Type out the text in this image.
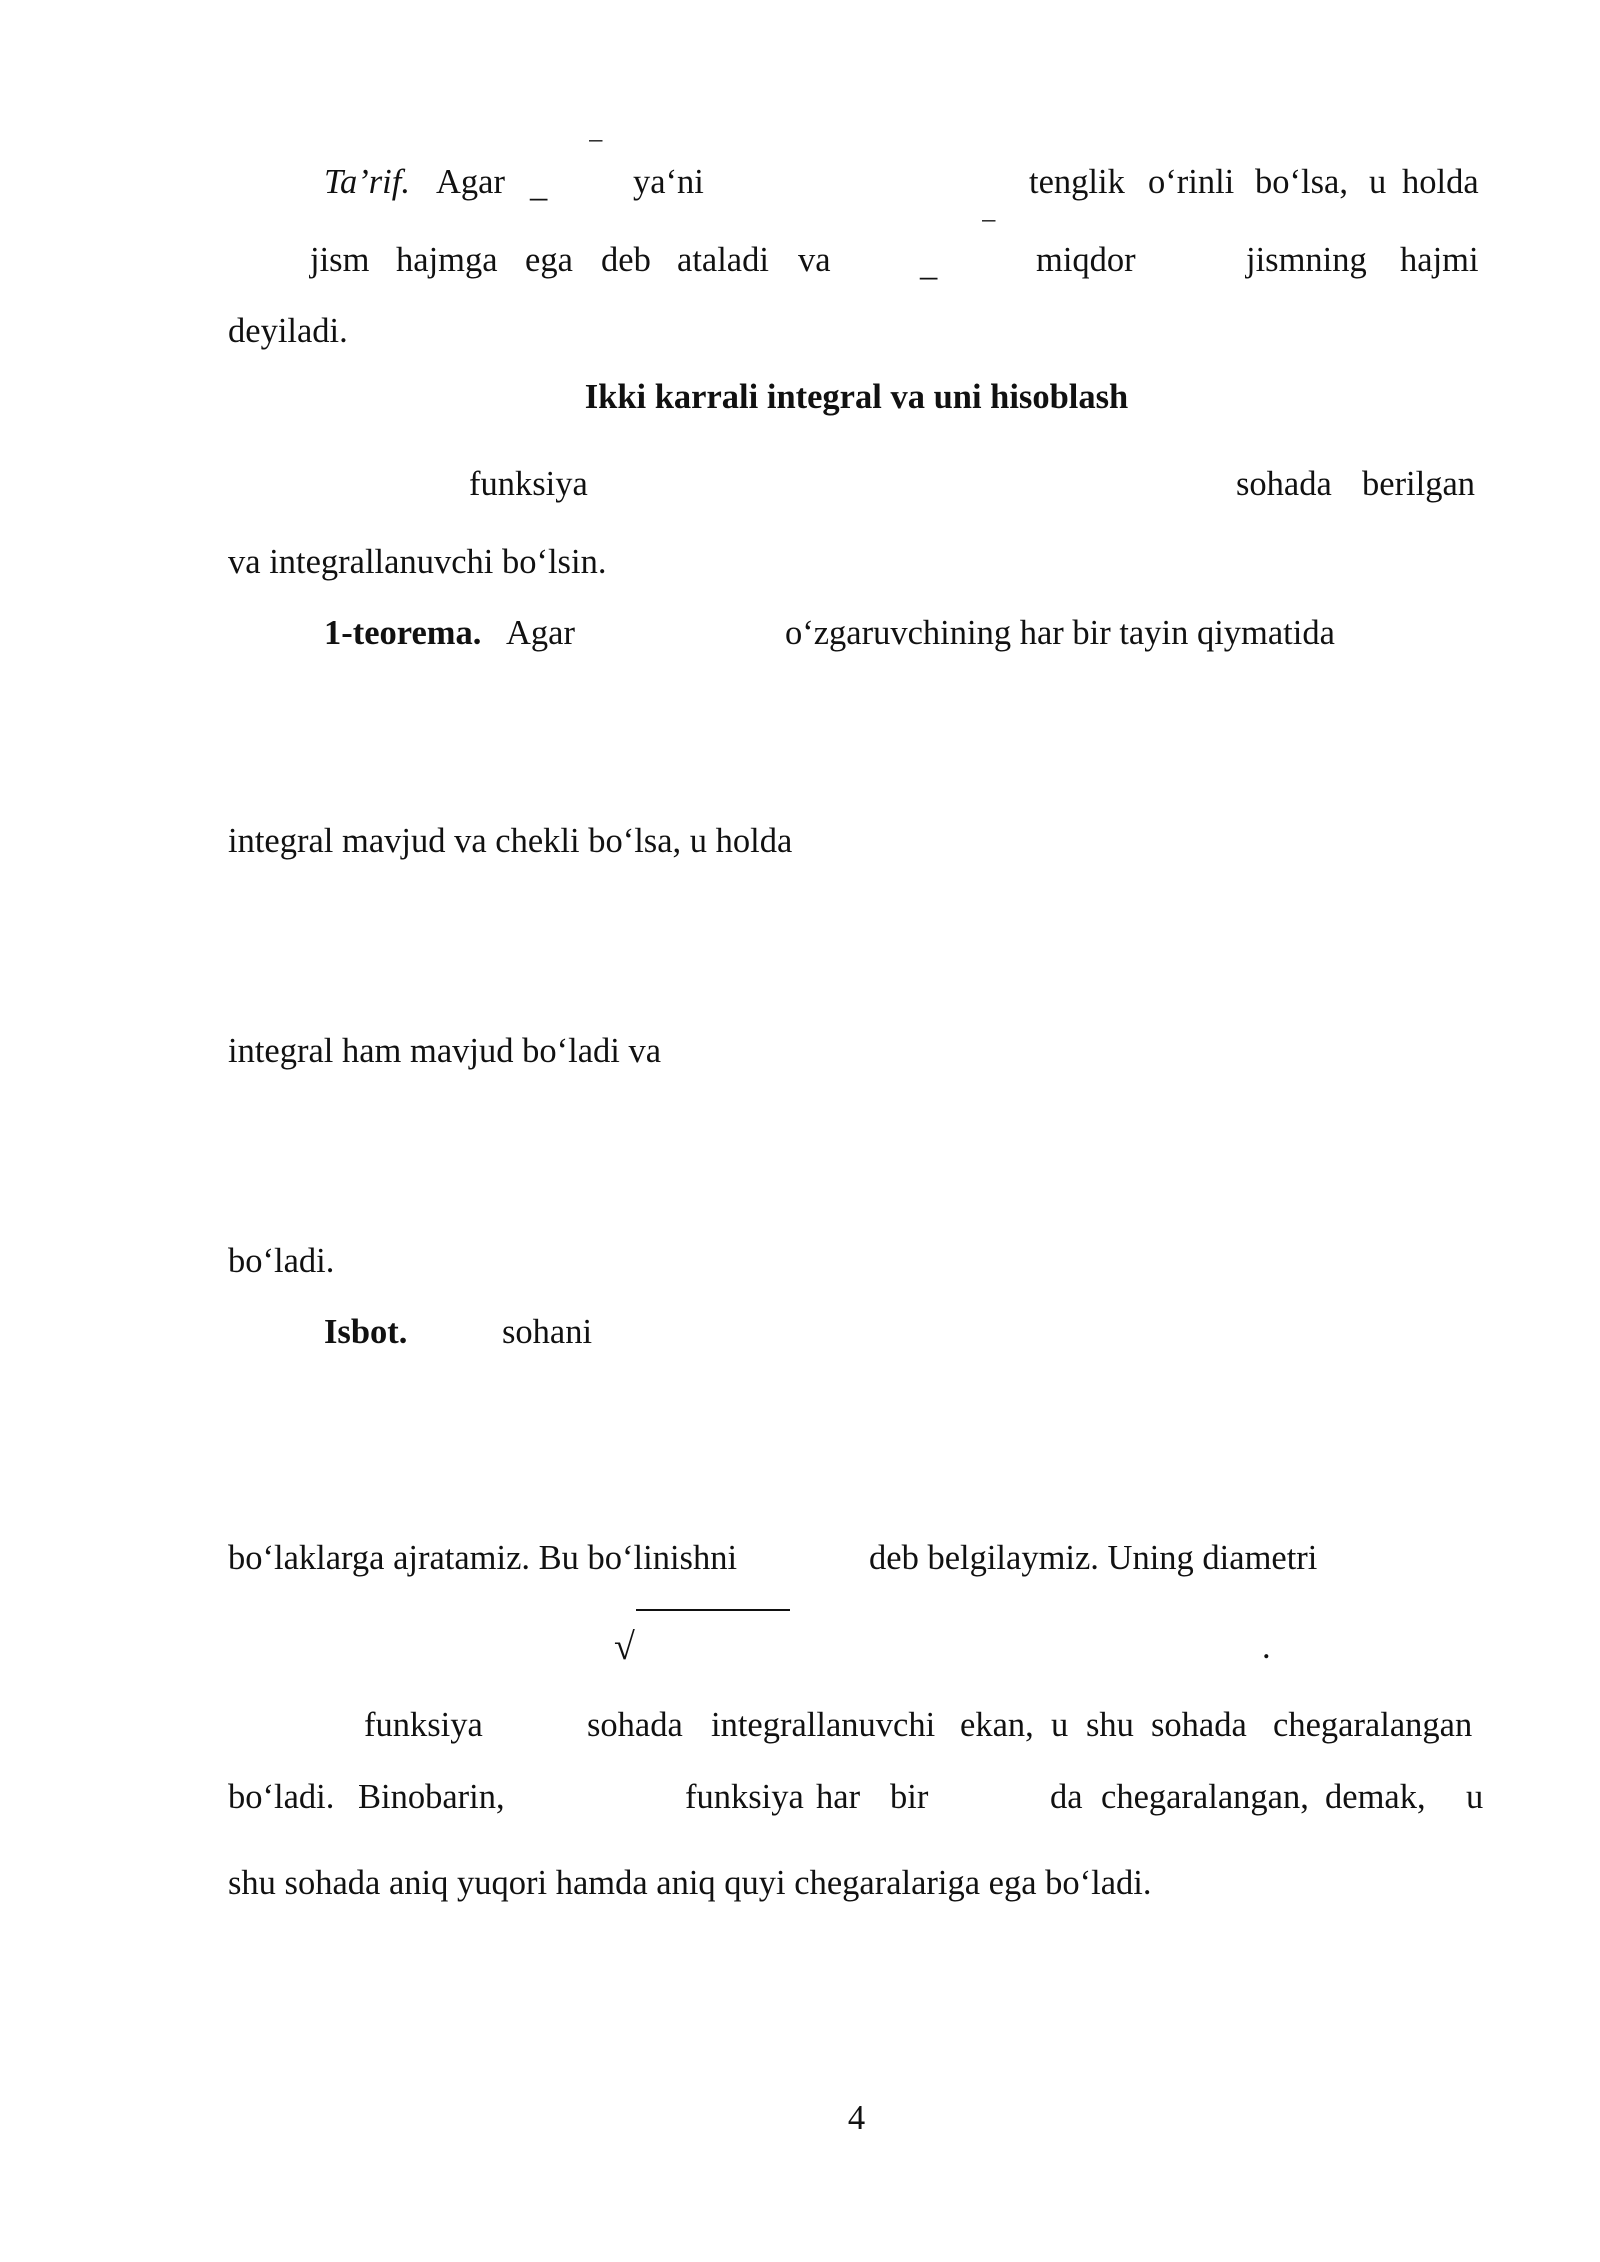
Ta’rif. Agar _
‾
ya‘ni	tenglik o‘rinli bo‘lsa, u holda
jism hajmga ega deb ataladi va	_
‾
miqdor	jismning hajmi
deyiladi.
Ikki karrali integral va uni hisoblash
funksiya	sohada berilgan
va integrallanuvchi bo‘lsin.
1-teorema. Agar	o‘zgaruvchining har bir tayin qiymatida
integral mavjud va chekli bo‘lsa, u holda
integral ham mavjud bo‘ladi va
bo‘ladi.
Isbot.	sohani
bo‘laklarga ajratamiz. Bu bo‘linishni	deb belgilaymiz. Uning diametri
√	.
funksiya	sohada integrallanuvchi ekan, u shu sohada chegaralangan
bo‘ladi. Binobarin,	funksiya har bir	da chegaralangan, demak, u
shu sohada aniq yuqori hamda aniq quyi chegaralariga ega bo‘ladi.
4
